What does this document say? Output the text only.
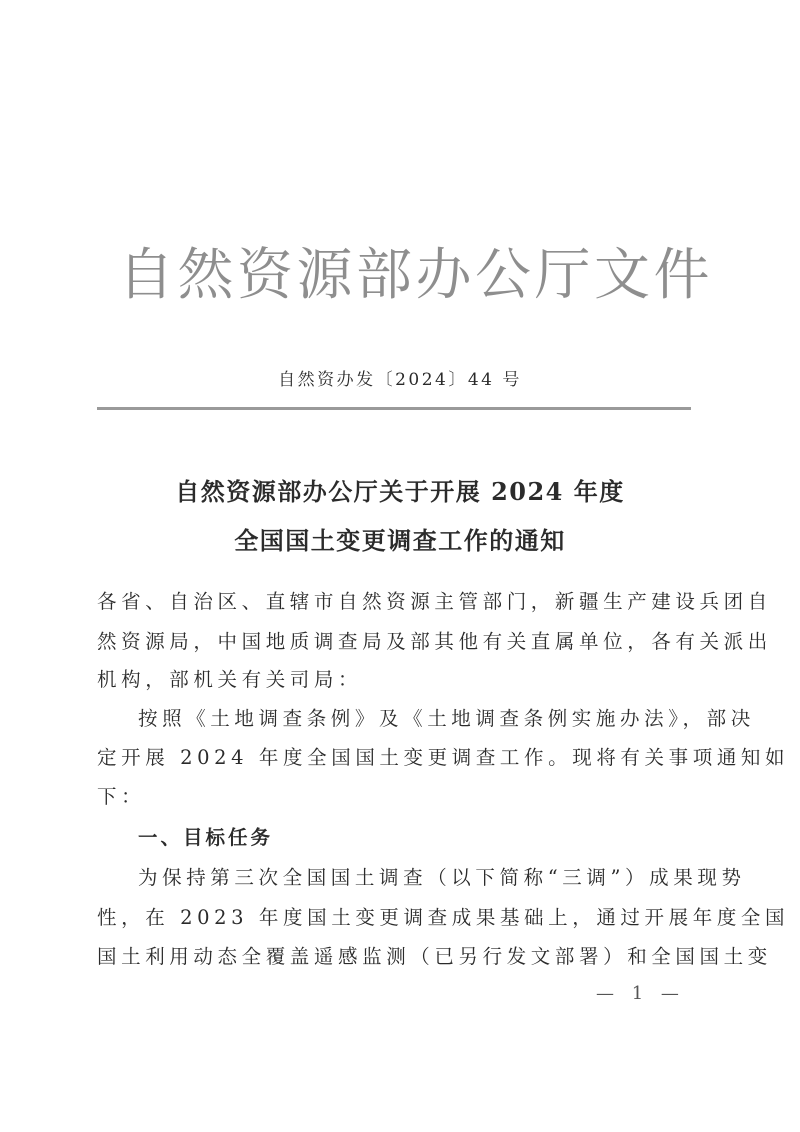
自然资源部办公厅文件
自然资办发〔2024〕44 号
自然资源部办公厅关于开展 2024 年度
全国国土变更调查工作的通知
各省、自治区、直辖市自然资源主管部门，新疆生产建设兵团自
然资源局，中国地质调查局及部其他有关直属单位，各有关派出
机构，部机关有关司局：
按照《土地调查条例》及《土地调查条例实施办法》，部决
定开展 2024 年度全国国土变更调查工作。现将有关事项通知如
下：
一、目标任务
为保持第三次全国国土调查（以下简称“三调”）成果现势
性，在 2023 年度国土变更调查成果基础上，通过开展年度全国
国土利用动态全覆盖遥感监测（已另行发文部署）和全国国土变
— 1 —
